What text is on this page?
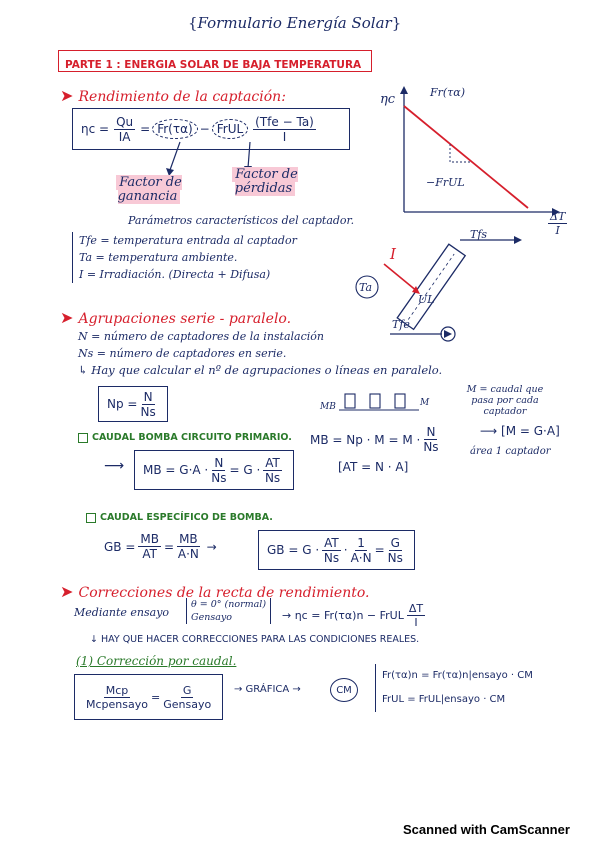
{Formulario Energía Solar}
PARTE 1 : ENERGIA SOLAR DE BAJA TEMPERATURA
➤ Rendimiento de la captación:
$\eta c = \frac{Qu}{IA} = Fr(\tau\alpha)$ − FrUL $\frac{\text{(Tfe − Ta)}}{I}$
Factor de ganancia
Factor de pérdidas
Parámetros característicos del captador.
Tfe = temperatura entrada al captador
Ta = temperatura ambiente.
I = Irradiación. (Directa + Difusa)
ηc	Fr(τα)
−FrUL
$\frac{\Delta T}{I}$
I
Tfs
Ta
UL
Tfe
➤ Agrupaciones serie - paralelo.
N = número de captadores de la instalación
Ns = número de captadores en serie.
↳ Hay que calcular el nº de agrupaciones o líneas en paralelo.
$Np = \frac{N}{Ns}$	MB	M
M = caudal que pasa por cada captador
CAUDAL BOMBA CIRCUITO PRIMARIO. MB = $Np \cdot M = M \cdot \frac{N}{Ns}$	⟶ [M = G·A]
área 1 captador
⟶ MB = $G\cdot A \cdot \frac{N}{Ns} = G \cdot \frac{AT}{Ns}$	[AT = N · A]
CAUDAL ESPECÍFICO DE BOMBA.
GB = $\frac{MB}{AT} = \frac{MB}{A\cdot N}$ →	GB = $G \cdot \frac{AT}{Ns} \cdot \frac{1}{A\cdot N} = \frac{G}{Ns}$
➤ Correcciones de la recta de rendimiento.
Mediante ensayo
θ = 0° (normal)
Gensayo	→ ηc = Fr(τα)n − FrUL $\frac{\Delta T}{I}$
↓ HAY QUE HACER CORRECCIONES PARA LAS CONDICIONES REALES.
(1) Corrección por caudal.
$\frac{\text{Mcp}}{\text{Mcpensayo}} = \frac{G}{\text{Gensayo}}$ → GRÁFICA →	CM
Fr(τα)n = Fr(τα)n|ensayo · CM
FrUL = FrUL|ensayo · CM
Scanned with CamScanner
